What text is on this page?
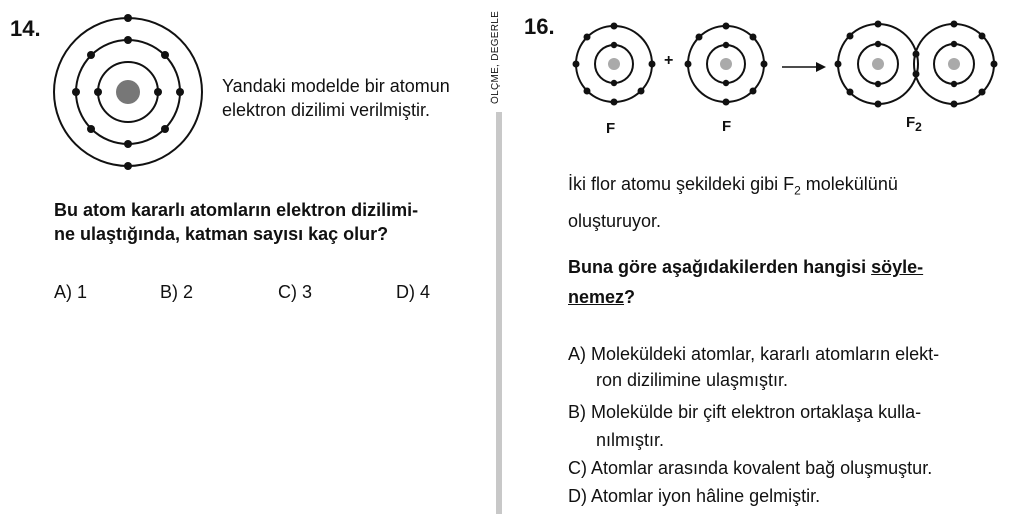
ÖLÇME, DEĞERLE
14.
Yandaki modelde bir atomun
elektron dizilimi verilmiştir.
Bu atom kararlı atomların elektron dizilimi-
ne ulaştığında, katman sayısı kaç olur?
A) 1	B) 2	C) 3	D) 4
16.
+
F	F	$F_2$
İki flor atomu şekildeki gibi $F_2$ molekülünü
oluşturuyor.
Buna göre aşağıdakilerden hangisi söyle-
nemez?
A) Moleküldeki atomlar, kararlı atomların elekt-
ron dizilimine ulaşmıştır.
B) Molekülde bir çift elektron ortaklaşa kulla-
nılmıştır.
C) Atomlar arasında kovalent bağ oluşmuştur.
D) Atomlar iyon hâline gelmiştir.
